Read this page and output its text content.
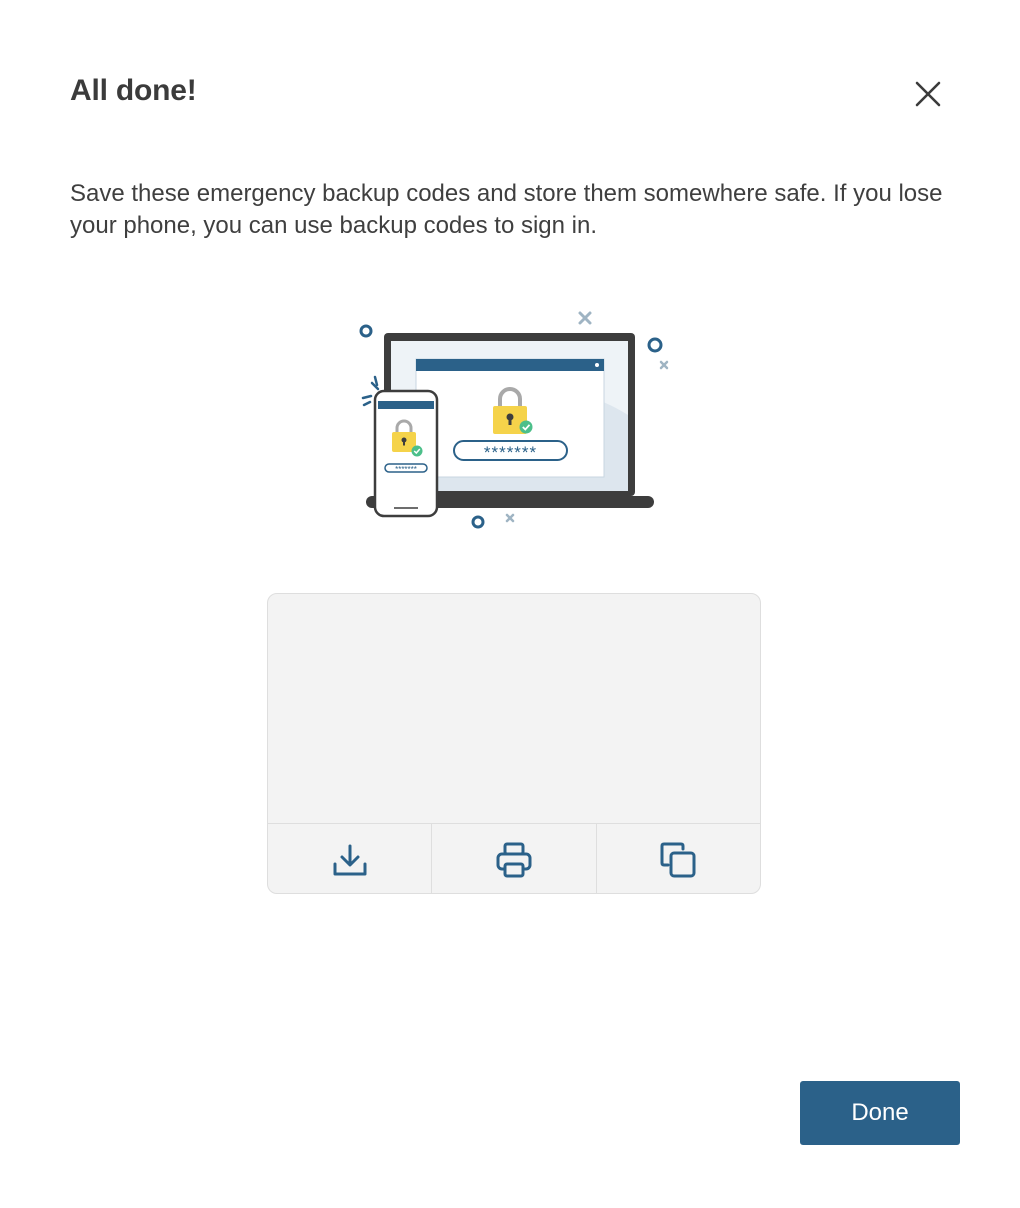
All done!

Save these emergency backup codes and store them somewhere safe. If you lose your phone, you can use backup codes to sign in.

*******
*******
Done
